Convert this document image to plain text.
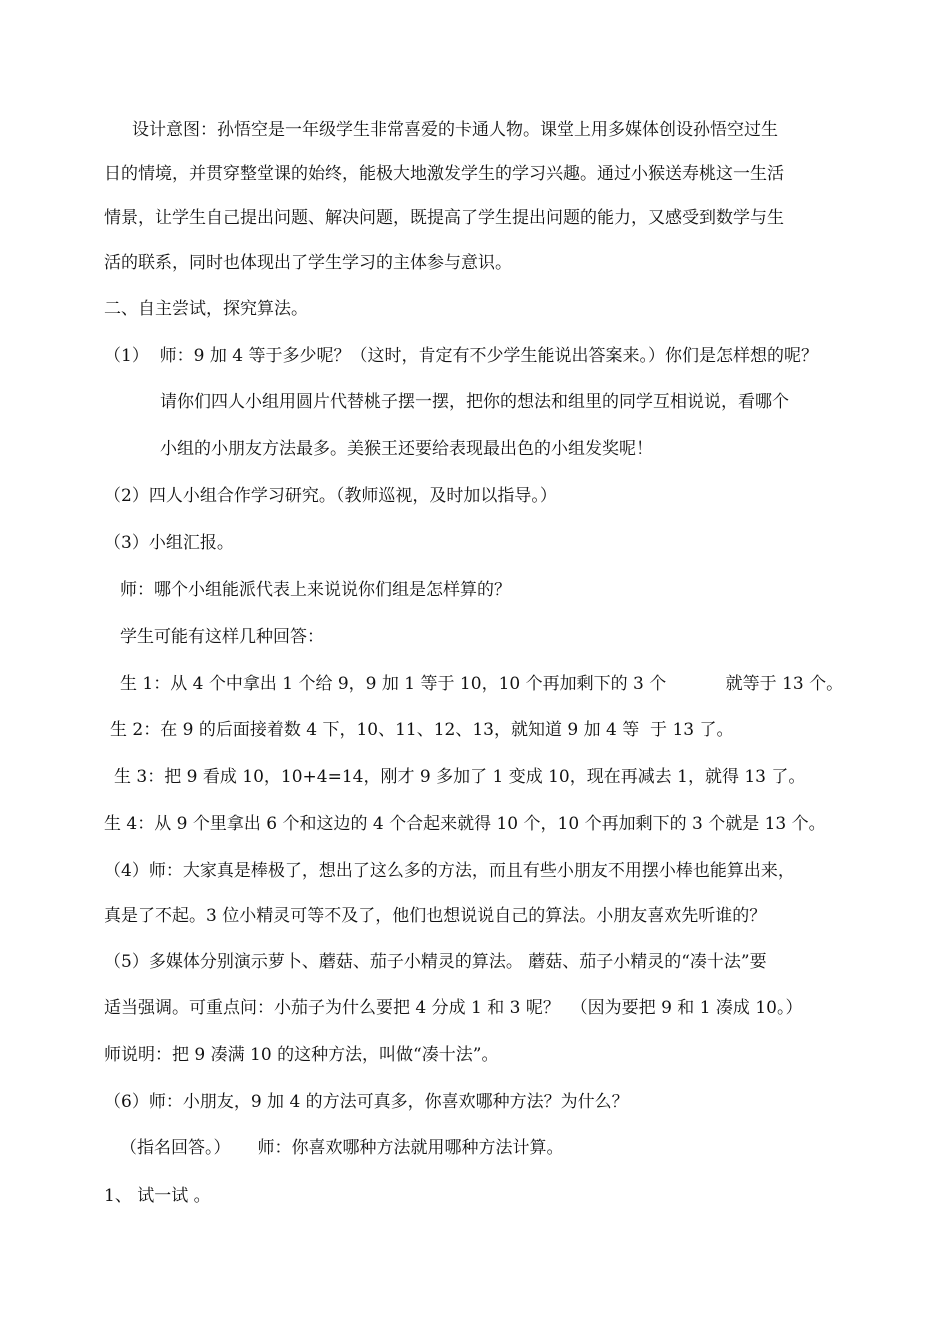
设计意图：孙悟空是一年级学生非常喜爱的卡通人物。课堂上用多媒体创设孙悟空过生
日的情境，并贯穿整堂课的始终，能极大地激发学生的学习兴趣。通过小猴送寿桃这一生活
情景，让学生自己提出问题、解决问题，既提高了学生提出问题的能力，又感受到数学与生
活的联系，同时也体现出了学生学习的主体参与意识。
二、自主尝试，探究算法。
（1）  师：9 加 4 等于多少呢？（这时，肯定有不少学生能说出答案来。）你们是怎样想的呢？
请你们四人小组用圆片代替桃子摆一摆，把你的想法和组里的同学互相说说，看哪个
小组的小朋友方法最多。美猴王还要给表现最出色的小组发奖呢！
（2）四人小组合作学习研究。（教师巡视，及时加以指导。）
（3）小组汇报。
师：哪个小组能派代表上来说说你们组是怎样算的？
学生可能有这样几种回答：
生 1：从 4 个中拿出 1 个给 9，9 加 1 等于 10，10 个再加剩下的 3 个           就等于 13 个。
生 2：在 9 的后面接着数 4 下，10、11、12、13，就知道 9 加 4 等  于 13 了。
生 3：把 9 看成 10，10+4=14，刚才 9 多加了 1 变成 10，现在再减去 1，就得 13 了。
生 4：从 9 个里拿出 6 个和这边的 4 个合起来就得 10 个，10 个再加剩下的 3 个就是 13 个。
（4）师：大家真是棒极了，想出了这么多的方法，而且有些小朋友不用摆小棒也能算出来，
真是了不起。3 位小精灵可等不及了，他们也想说说自己的算法。小朋友喜欢先听谁的？
（5）多媒体分别演示萝卜、蘑菇、茄子小精灵的算法。 蘑菇、茄子小精灵的“凑十法”要
适当强调。可重点问：小茄子为什么要把 4 分成 1 和 3 呢？  （因为要把 9 和 1 凑成 10。）
师说明：把 9 凑满 10 的这种方法，叫做“凑十法”。
（6）师：小朋友，9 加 4 的方法可真多，你喜欢哪种方法？为什么？
（指名回答。）     师：你喜欢哪种方法就用哪种方法计算。
1、 试一试 。
